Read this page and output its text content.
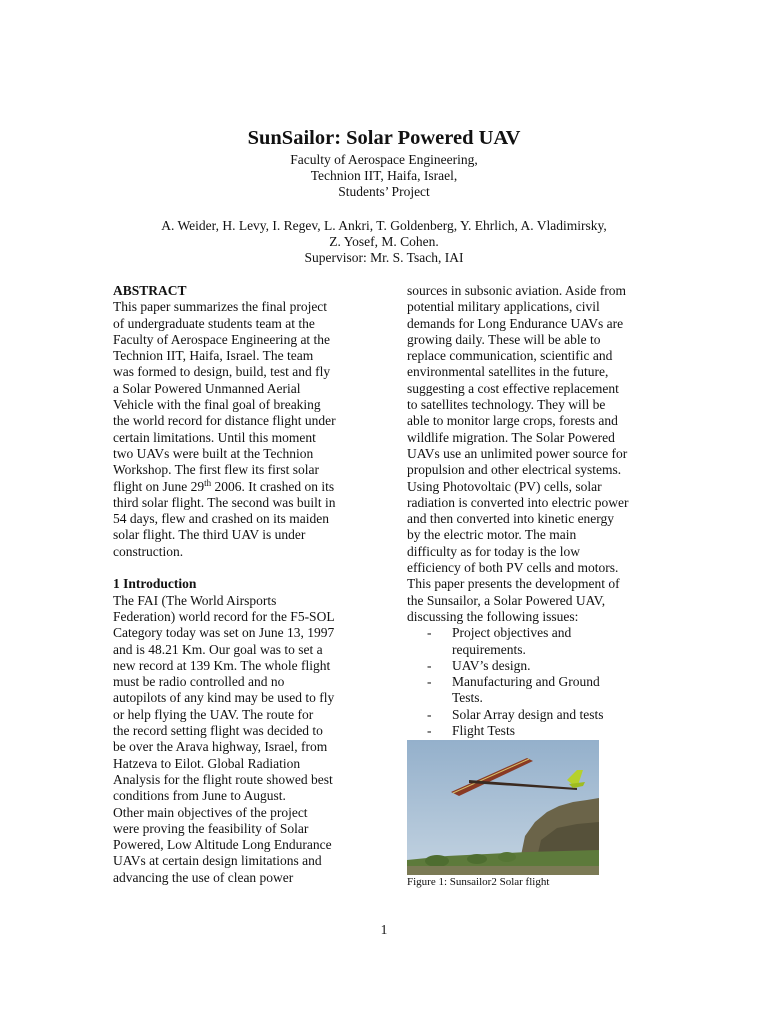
SunSailor: Solar Powered UAV
Faculty of Aerospace Engineering,
Technion IIT, Haifa, Israel,
Students’ Project
A. Weider, H. Levy, I. Regev, L. Ankri, T. Goldenberg, Y. Ehrlich, A. Vladimirsky,
Z. Yosef, M. Cohen.
Supervisor: Mr. S. Tsach, IAI
ABSTRACT
This paper summarizes the final project
of undergraduate students team at the
Faculty of Aerospace Engineering at the
Technion IIT, Haifa, Israel. The team
was formed to design, build, test and fly
a Solar Powered Unmanned Aerial
Vehicle with the final goal of breaking
the world record for distance flight under
certain limitations. Until this moment
two UAVs were built at the Technion
Workshop. The first flew its first solar
flight on June 29th 2006. It crashed on its
third solar flight. The second was built in
54 days, flew and crashed on its maiden
solar flight. The third UAV is under
construction.
1 Introduction
The FAI (The World Airsports
Federation) world record for the F5-SOL
Category today was set on June 13, 1997
and is 48.21 Km. Our goal was to set a
new record at 139 Km. The whole flight
must be radio controlled and no
autopilots of any kind may be used to fly
or help flying the UAV. The route for
the record setting flight was decided to
be over the Arava highway, Israel, from
Hatzeva to Eilot. Global Radiation
Analysis for the flight route showed best
conditions from June to August.
Other main objectives of the project
were proving the feasibility of Solar
Powered, Low Altitude Long Endurance
UAVs at certain design limitations and
advancing the use of clean power
sources in subsonic aviation. Aside from
potential military applications, civil
demands for Long Endurance UAVs are
growing daily. These will be able to
replace communication, scientific and
environmental satellites in the future,
suggesting a cost effective replacement
to satellites technology. They will be
able to monitor large crops, forests and
wildlife migration. The Solar Powered
UAVs use an unlimited power source for
propulsion and other electrical systems.
Using Photovoltaic (PV) cells, solar
radiation is converted into electric power
and then converted into kinetic energy
by the electric motor. The main
difficulty as for today is the low
efficiency of both PV cells and motors.
This paper presents the development of
the Sunsailor, a Solar Powered UAV,
discussing the following issues:
- Project objectives and
requirements.
- UAV’s design.
- Manufacturing and Ground
Tests.
- Solar Array design and tests
- Flight Tests
Figure 1: Sunsailor2 Solar flight
1
